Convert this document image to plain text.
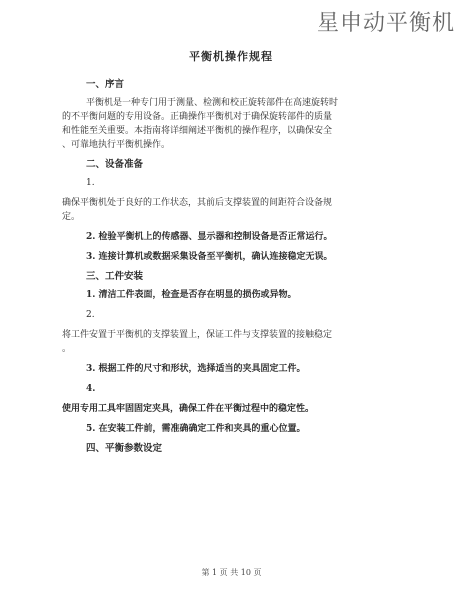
星申动平衡机
平衡机操作规程
一、序言

平衡机是一种专门用于测量、检测和校正旋转部件在高速旋转时

的不平衡问题的专用设备。正确操作平衡机对于确保旋转部件的质量

和性能至关重要。本指南将详细阐述平衡机的操作程序，以确保安全

、可靠地执行平衡机操作。

二、设备准备

1.

确保平衡机处于良好的工作状态，其前后支撑装置的间距符合设备规

定。

2. 检验平衡机上的传感器、显示器和控制设备是否正常运行。

3. 连接计算机或数据采集设备至平衡机，确认连接稳定无误。

三、工件安装

1. 清洁工件表面，检查是否存在明显的损伤或异物。

2.

将工件安置于平衡机的支撑装置上，保证工件与支撑装置的接触稳定

。

3. 根据工件的尺寸和形状，选择适当的夹具固定工件。

4.

使用专用工具牢固固定夹具，确保工件在平衡过程中的稳定性。

5. 在安装工件前，需准确确定工件和夹具的重心位置。

四、平衡参数设定
第 1 页 共 10 页
